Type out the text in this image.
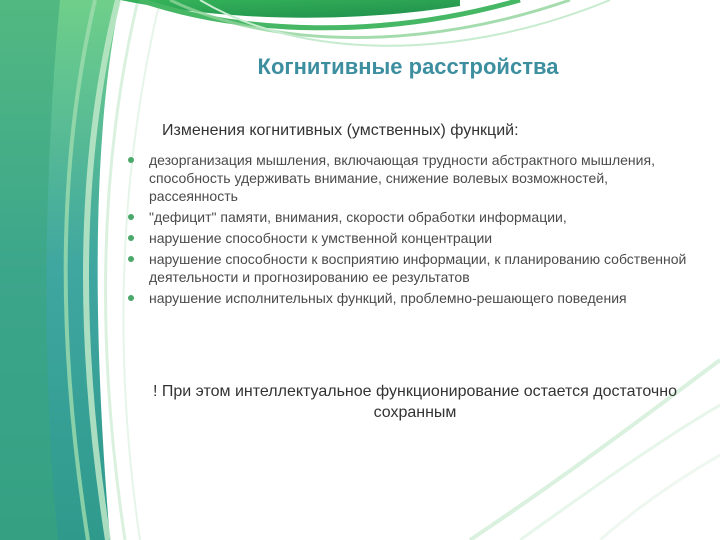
Когнитивные расстройства

Изменения когнитивных (умственных) функций:

дезорганизация мышления, включающая трудности абстрактного мышления, способность удерживать внимание, снижение волевых возможностей, рассеянность
"дефицит" памяти, внимания, скорости обработки информации,
нарушение способности к умственной концентрации
нарушение способности к восприятию информации, к планированию собственной деятельности и прогнозированию ее результатов
нарушение исполнительных функций, проблемно-решающего поведения

! При этом интеллектуальное функционирование остается достаточно сохранным
